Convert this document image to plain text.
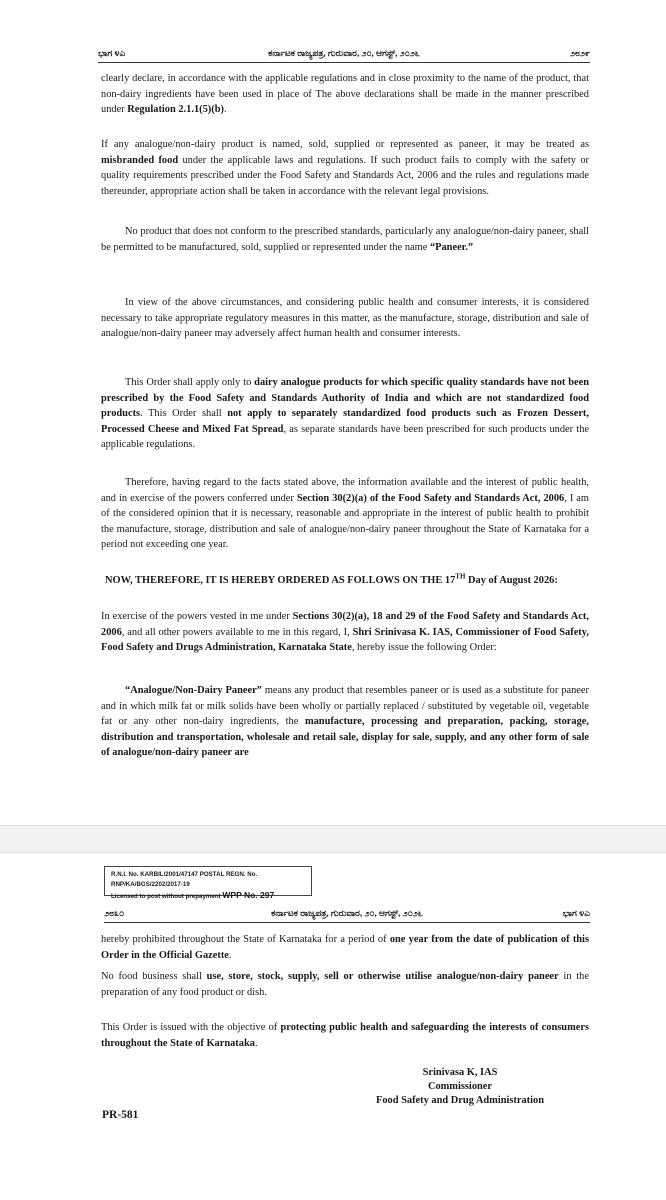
ಭಾಗ ೪ಎ	ಕರ್ನಾಟಕ ರಾಜ್ಯಪತ್ರ, ಗುರುವಾರ, ೨೦, ಆಗಸ್ಟ್, ೨೦೨೬	೨೮೨೯

clearly declare, in accordance with the applicable regulations and in close proximity to the name of the product, that non-dairy ingredients have been used in place of The above declarations shall be made in the manner prescribed under Regulation 2.1.1(5)(b).

If any analogue/non-dairy product is named, sold, supplied or represented as paneer, it may be treated as misbranded food under the applicable laws and regulations. If such product fails to comply with the safety or quality requirements prescribed under the Food Safety and Standards Act, 2006 and the rules and regulations made thereunder, appropriate action shall be taken in accordance with the relevant legal provisions.

No product that does not conform to the prescribed standards, particularly any analogue/non-dairy paneer, shall be permitted to be manufactured, sold, supplied or represented under the name “Paneer.”

In view of the above circumstances, and considering public health and consumer interests, it is considered necessary to take appropriate regulatory measures in this matter, as the manufacture, storage, distribution and sale of analogue/non-dairy paneer may adversely affect human health and consumer interests.

This Order shall apply only to dairy analogue products for which specific quality standards have not been prescribed by the Food Safety and Standards Authority of India and which are not standardized food products. This Order shall not apply to separately standardized food products such as Frozen Dessert, Processed Cheese and Mixed Fat Spread, as separate standards have been prescribed for such products under the applicable regulations.

Therefore, having regard to the facts stated above, the information available and the interest of public health, and in exercise of the powers conferred under Section 30(2)(a) of the Food Safety and Standards Act, 2006, I am of the considered opinion that it is necessary, reasonable and appropriate in the interest of public health to prohibit the manufacture, storage, distribution and sale of analogue/non-dairy paneer throughout the State of Karnataka for a period not exceeding one year.

NOW, THEREFORE, IT IS HEREBY ORDERED AS FOLLOWS ON THE 17TH Day of August 2026:

In exercise of the powers vested in me under Sections 30(2)(a), 18 and 29 of the Food Safety and Standards Act, 2006, and all other powers available to me in this regard, I, Shri Srinivasa K. IAS, Commissioner of Food Safety, Food Safety and Drugs Administration, Karnataka State, hereby issue the following Order:

“Analogue/Non-Dairy Paneer” means any product that resembles paneer or is used as a substitute for paneer and in which milk fat or milk solids have been wholly or partially replaced / substituted by vegetable oil, vegetable fat or any other non-dairy ingredients, the manufacture, processing and preparation, packing, storage, distribution and transportation, wholesale and retail sale, display for sale, supply, and any other form of sale of analogue/non-dairy paneer are

R.N.I. No. KARBIL/2001/47147 POSTAL REGN. No. RNP/KA/BGS/2202/2017-19
Licensed to post without prepayment WPP No. 297
೨೮೩೦	ಕರ್ನಾಟಕ ರಾಜ್ಯಪತ್ರ, ಗುರುವಾರ, ೨೦, ಆಗಸ್ಟ್, ೨೦೨೬	ಭಾಗ ೪ಎ

hereby prohibited throughout the State of Karnataka for a period of one year from the date of publication of this Order in the Official Gazette.

No food business shall use, store, stock, supply, sell or otherwise utilise analogue/non-dairy paneer in the preparation of any food product or dish.

This Order is issued with the objective of protecting public health and safeguarding the interests of consumers throughout the State of Karnataka.

Srinivasa K, IAS
Commissioner
Food Safety and Drug Administration
PR-581
